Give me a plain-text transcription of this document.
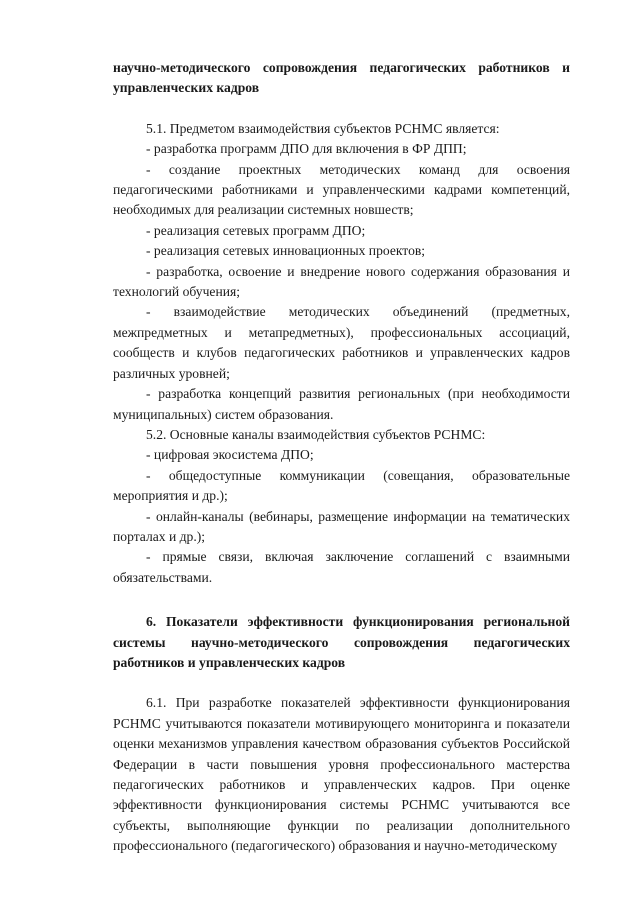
научно-методического сопровождения педагогических работников и управленческих кадров

5.1. Предметом взаимодействия субъектов РСНМС является:

- разработка программ ДПО для включения в ФР ДПП;

- создание проектных методических команд для освоения педагогическими работниками и управленческими кадрами компетенций, необходимых для реализации системных новшеств;

- реализация сетевых программ ДПО;

- реализация сетевых инновационных проектов;

- разработка, освоение и внедрение нового содержания образования и технологий обучения;

- взаимодействие методических объединений (предметных, межпредметных и метапредметных), профессиональных ассоциаций, сообществ и клубов педагогических работников и управленческих кадров различных уровней;

- разработка концепций развития региональных (при необходимости муниципальных) систем образования.

5.2. Основные каналы взаимодействия субъектов РСНМС:

- цифровая экосистема ДПО;

- общедоступные коммуникации (совещания, образовательные мероприятия и др.);

- онлайн-каналы (вебинары, размещение информации на тематических порталах и др.);

- прямые связи, включая заключение соглашений с взаимными обязательствами.

6. Показатели эффективности функционирования региональной системы научно-методического сопровождения педагогических работников и управленческих кадров

6.1. При разработке показателей эффективности функционирования РСНМС учитываются показатели мотивирующего мониторинга и показатели оценки механизмов управления качеством образования субъектов Российской Федерации в части повышения уровня профессионального мастерства педагогических работников и управленческих кадров. При оценке эффективности функционирования системы РСНМС учитываются все субъекты, выполняющие функции по реализации дополнительного профессионального (педагогического) образования и научно-методическому
